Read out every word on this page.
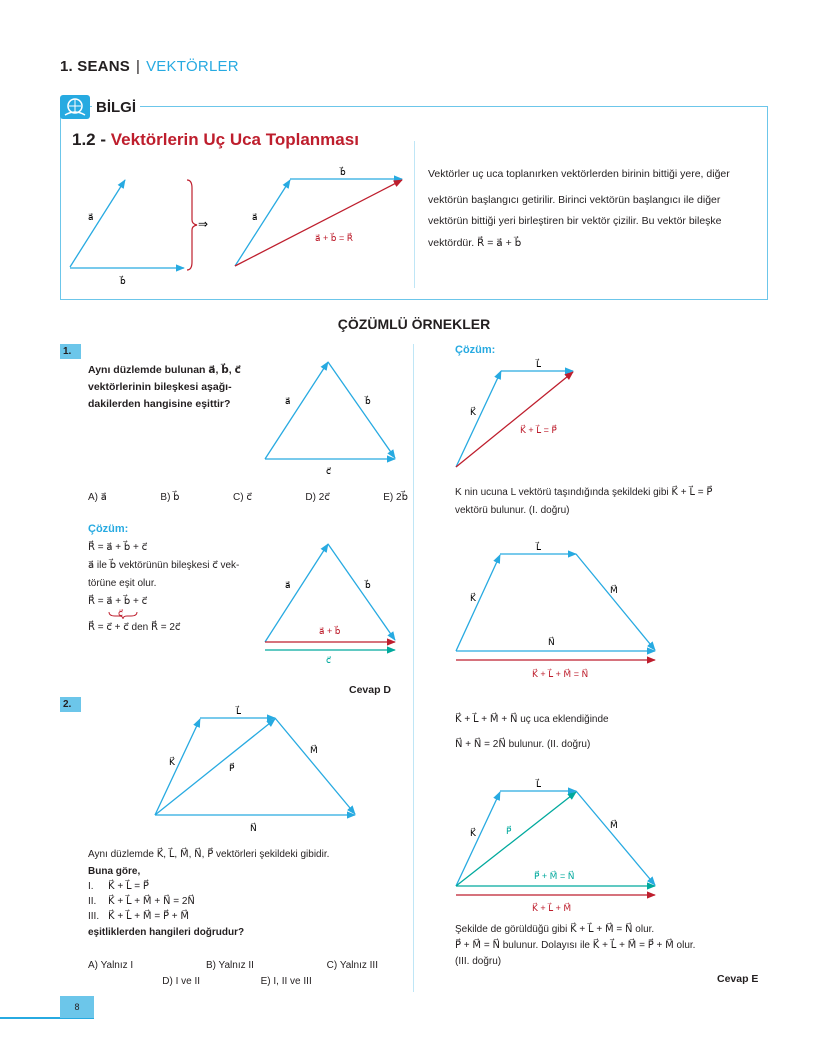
1. SEANS | VEKTÖRLER
BİLGİ
1.2 - Vektörlerin Uç Uca Toplanması
a⃗
b⃗
⇒	a⃗
b⃗
a⃗ + b⃗ = R⃗
Vektörler uç uca toplanırken vektörlerden birinin bittiği yere, diğer
vektörün başlangıcı getirilir. Birinci vektörün başlangıcı ile diğer
vektörün bittiği yeri birleştiren bir vektör çizilir. Bu vektör bileşke
vektördür. R⃗ = a⃗ + b⃗
ÇÖZÜMLÜ ÖRNEKLER
1.
Aynı düzlemde bulunan a⃗, b⃗, c⃗
vektörlerinin bileşkesi aşağı-
dakilerden hangisine eşittir?	a⃗	b⃗
c⃗
A) a⃗	B) b⃗	C) c⃗	D) 2c⃗	E) 2b⃗
Çözüm:
R⃗ = a⃗ + b⃗ + c⃗
a⃗ ile b⃗ vektörünün bileşkesi c⃗ vek-
törüne eşit olur.
R⃗ = a⃗ + b⃗ + c⃗
c⃗
R⃗ = c⃗ + c⃗ den R⃗ = 2c⃗
a⃗	b⃗
a⃗ + b⃗
c⃗
Cevap D
2.
K⃗
L⃗
M⃗
N⃗
P⃗
Aynı düzlemde K⃗, L⃗, M⃗, N⃗, P⃗ vektörleri şekildeki gibidir.
Buna göre,
I. K⃗ + L⃗ = P⃗
II. K⃗ + L⃗ + M⃗ + N⃗ = 2N⃗
III. K⃗ + L⃗ + M⃗ = P⃗ + M⃗
eşitliklerden hangileri doğrudur?
A) Yalnız I	B) Yalnız II	C) Yalnız III
D) I ve II	E) I, II ve III
Çözüm:
K⃗
L⃗
K⃗ + L⃗ = P⃗
K nin ucuna L vektörü taşındığında şekildeki gibi K⃗ + L⃗ = P⃗
vektörü bulunur. (I. doğru)
K⃗
L⃗
M⃗
N⃗
K⃗ + L⃗ + M⃗ = N⃗
K⃗ + L⃗ + M⃗ + N⃗ uç uca eklendiğinde
N⃗ + N⃗ = 2N⃗ bulunur. (II. doğru)
K⃗
L⃗
M⃗
P⃗
P⃗ + M⃗ = N⃗
K⃗ + L⃗ + M⃗
Şekilde de görüldüğü gibi K⃗ + L⃗ + M⃗ = N⃗ olur.
P⃗ + M⃗ = N⃗ bulunur. Dolayısı ile K⃗ + L⃗ + M⃗ = P⃗ + M⃗ olur.
(III. doğru)
Cevap E
8
